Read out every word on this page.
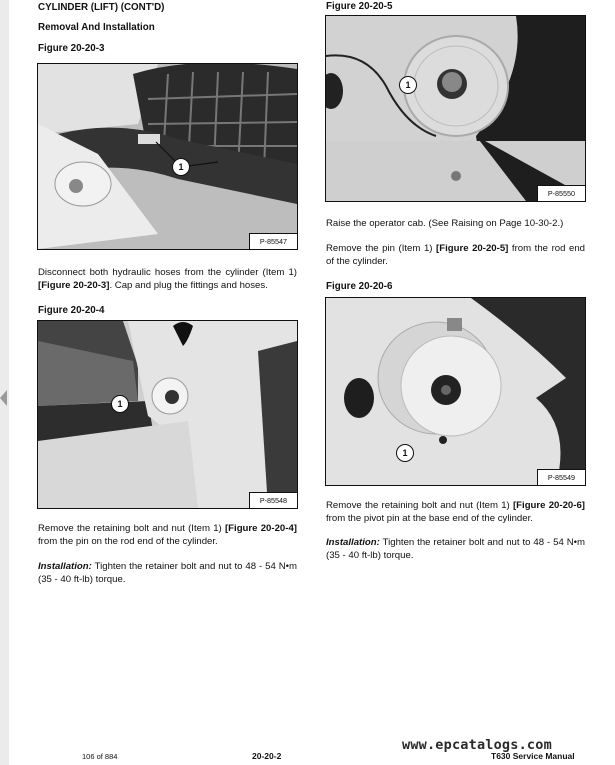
CYLINDER (LIFT) (CONT'D)
Removal And Installation
Figure 20-20-3
1
P-85547
Disconnect both hydraulic hoses from the cylinder (Item 1) [Figure 20-20-3]. Cap and plug the fittings and hoses.
Figure 20-20-4
1
P-85548
Remove the retaining bolt and nut (Item 1) [Figure 20-20-4] from the pin on the rod end of the cylinder.
Installation: Tighten the retainer bolt and nut to 48 - 54 N•m (35 - 40 ft-lb) torque.
Figure 20-20-5
1
P-85550
Raise the operator cab. (See Raising on Page 10-30-2.)
Remove the pin (Item 1) [Figure 20-20-5] from the rod end of the cylinder.
Figure 20-20-6
1
P-85549
Remove the retaining bolt and nut (Item 1) [Figure 20-20-6] from the pivot pin at the base end of the cylinder.
Installation: Tighten the retainer bolt and nut to 48 - 54 N•m (35 - 40 ft-lb) torque.
106 of 884	20-20-2
www.epcatalogs.com
T630 Service Manual
